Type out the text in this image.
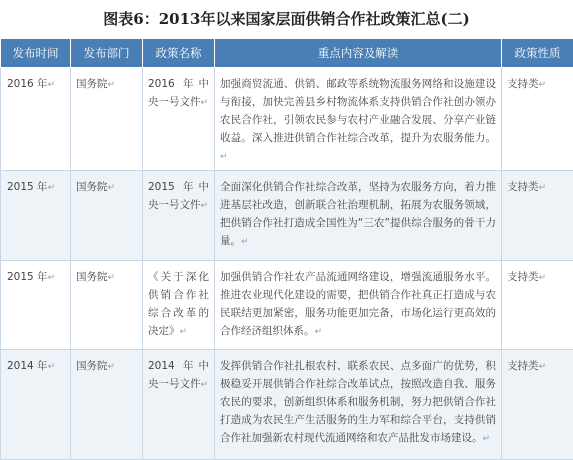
图表6：2013年以来国家层面供销合作社政策汇总(二)
发布时间	发布部门	政策名称	重点内容及解读	政策性质
2016 年↵	国务院↵	2016 年中央一号文件↵	加强商贸流通、供销、邮政等系统物流服务网络和设施建设与衔接，加快完善县乡村物流体系支持供销合作社创办领办农民合作社，引领农民参与农村产业融合发展、分享产业链收益。深入推进供销合作社综合改革，提升为农服务能力。↵	支持类↵
2015 年↵	国务院↵	2015 年中央一号文件↵	全面深化供销合作社综合改革，坚持为农服务方向，着力推进基层社改造，创新联合社治理机制，拓展为农服务领域，把供销合作社打造成全国性为“三农”提供综合服务的骨干力量。↵	支持类↵
2015 年↵	国务院↵	《关于深化供销合作社综合改革的决定》↵	加强供销合作社农产品流通网络建设，增强流通服务水平。推进农业现代化建设的需要，把供销合作社真正打造成与农民联结更加紧密，服务功能更加完备，市场化运行更高效的合作经济组织体系。↵	支持类↵
2014 年↵	国务院↵	2014 年中央一号文件↵	发挥供销合作社扎根农村、联系农民、点多面广的优势，积极稳妥开展供销合作社综合改革试点，按照改造自我、服务农民的要求，创新组织体系和服务机制，努力把供销合作社打造成为农民生产生活服务的生力军和综合平台，支持供销合作社加强新农村现代流通网络和农产品批发市场建设。↵	支持类↵
